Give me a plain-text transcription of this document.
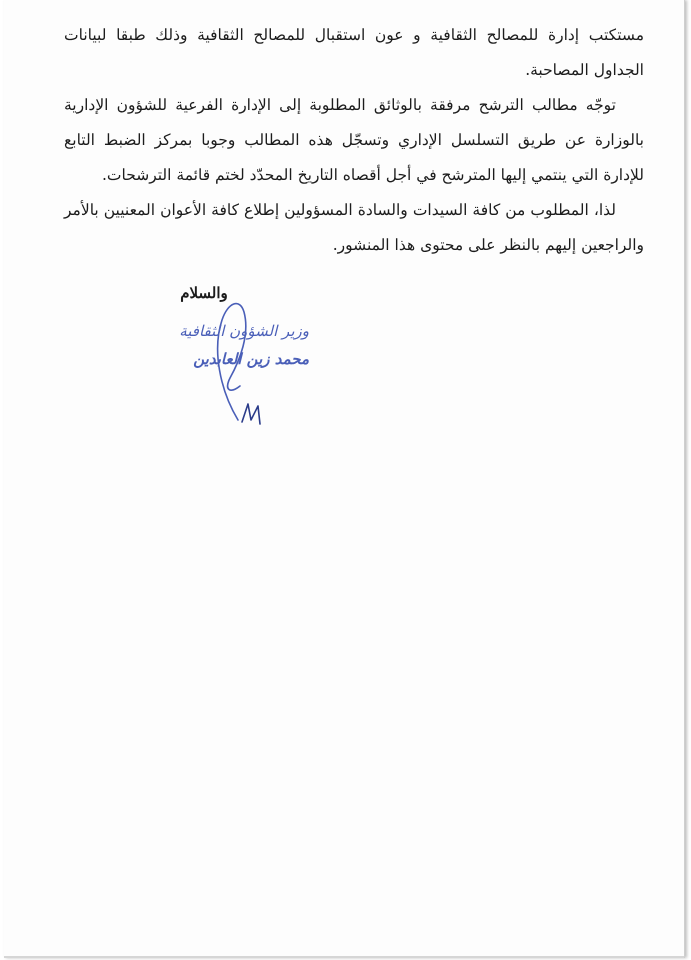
مستكتب إدارة للمصالح الثقافية و عون استقبال للمصالح الثقافية وذلك طبقا لبيانات الجداول المصاحبة.

توجّه مطالب الترشح مرفقة بالوثائق المطلوبة إلى الإدارة الفرعية للشؤون الإدارية بالوزارة عن طريق التسلسل الإداري وتسجّل هذه المطالب وجوبا بمركز الضبط التابع للإدارة التي ينتمي إليها المترشح في أجل أقصاه التاريخ المحدّد لختم قائمة الترشحات.

لذا، المطلوب من كافة السيدات والسادة المسؤولين إطلاع كافة الأعوان المعنيين بالأمر والراجعين إليهم بالنظر على محتوى هذا المنشور.

والسلام
وزير الشؤون الثقافية
محمد زين العابدين
